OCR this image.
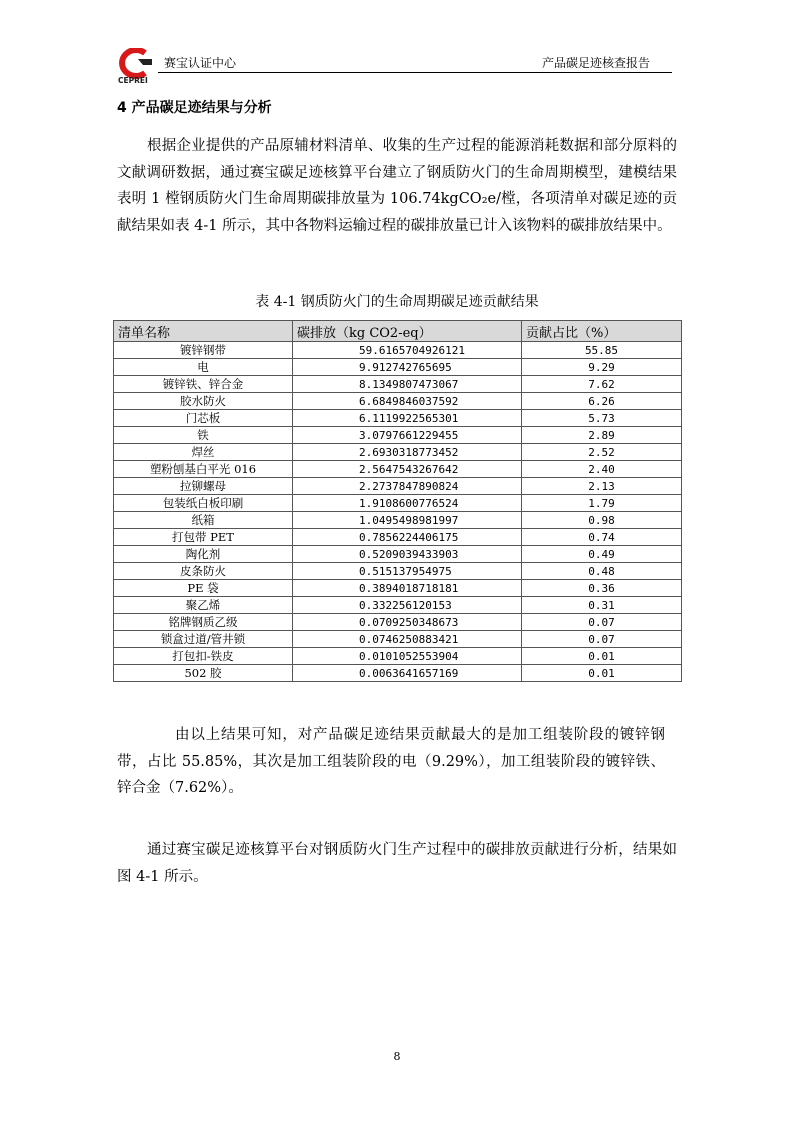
CEPREI
赛宝认证中心	产品碳足迹核查报告
4 产品碳足迹结果与分析

根据企业提供的产品原辅材料清单、收集的生产过程的能源消耗数据和部分原料的文献调研数据，通过赛宝碳足迹核算平台建立了钢质防火门的生命周期模型，建模结果表明 1 樘钢质防火门生命周期碳排放量为 106.74kgCO₂e/樘，各项清单对碳足迹的贡献结果如表 4-1 所示，其中各物料运输过程的碳排放量已计入该物料的碳排放结果中。

表 4-1 钢质防火门的生命周期碳足迹贡献结果
清单名称	碳排放（kg CO2-eq）	贡献占比（%）
镀锌钢带	59.6165704926121	55.85
电	9.912742765695	9.29
镀锌铁、锌合金	8.1349807473067	7.62
胶水防火	6.6849846037592	6.26
门芯板	6.1119922565301	5.73
铁	3.0797661229455	2.89
焊丝	2.6930318773452	2.52
塑粉刨基白平光 016	2.5647543267642	2.40
拉铆螺母	2.2737847890824	2.13
包装纸白板印刷	1.9108600776524	1.79
纸箱	1.0495498981997	0.98
打包带 PET	0.7856224406175	0.74
陶化剂	0.5209039433903	0.49
皮条防火	0.515137954975	0.48
PE 袋	0.3894018718181	0.36
聚乙烯	0.332256120153	0.31
铭牌钢质乙级	0.0709250348673	0.07
锁盒过道/管井锁	0.0746250883421	0.07
打包扣-铁皮	0.010105255390​4	0.01
502 胶	0.0063641657169	0.01

由以上结果可知，对产品碳足迹结果贡献最大的是加工组装阶段的镀锌钢带，占比 55.85%，其次是加工组装阶段的电（9.29%），加工组装阶段的镀锌铁、锌合金（7.62%）。

通过赛宝碳足迹核算平台对钢质防火门生产过程中的碳排放贡献进行分析，结果如图 4-1 所示。

8
